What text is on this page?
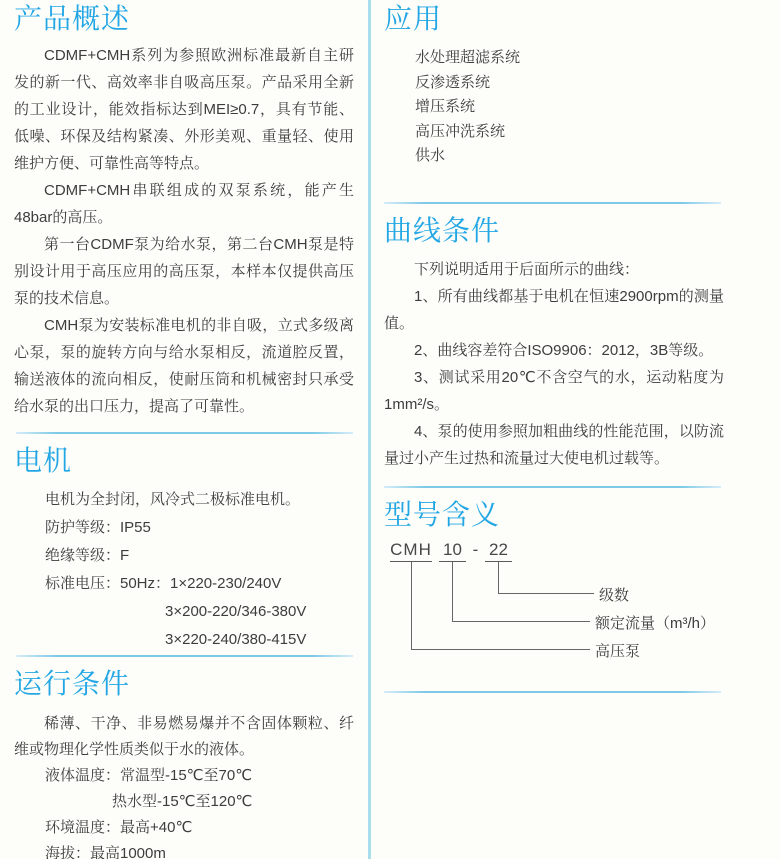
产品概述

CDMF+CMH系列为参照欧洲标准最新自主研发的新一代、高效率非自吸高压泵。产品采用全新的工业设计，能效指标达到MEI≥0.7，具有节能、低噪、环保及结构紧凑、外形美观、重量轻、使用维护方便、可靠性高等特点。

CDMF+CMH串联组成的双泵系统，能产生48bar的高压。

第一台CDMF泵为给水泵，第二台CMH泵是特别设计用于高压应用的高压泵，本样本仅提供高压泵的技术信息。

CMH泵为安装标准电机的非自吸，立式多级离心泵，泵的旋转方向与给水泵相反，流道腔反置，输送液体的流向相反，使耐压筒和机械密封只承受给水泵的出口压力，提高了可靠性。

电机
电机为全封闭，风冷式二极标准电机。
防护等级：IP55
绝缘等级：F
标准电压：50Hz：1×220-230/240V
3×200-220/346-380V
3×220-240/380-415V
运行条件

稀薄、干净、非易燃易爆并不含固体颗粒、纤维或物理化学性质类似于水的液体。

液体温度：常温型-15℃至70℃
热水型-15℃至120℃
环境温度：最高+40℃
海拔：最高1000m
应用
水处理超滤系统
反渗透系统
增压系统
高压冲洗系统
供水
曲线条件

下列说明适用于后面所示的曲线：

1、所有曲线都基于电机在恒速2900rpm的测量值。

2、曲线容差符合ISO9906：2012，3B等级。

3、测试采用20℃不含空气的水，运动粘度为1mm²/s。

4、泵的使用参照加粗曲线的性能范围，以防流量过小产生过热和流量过大使电机过载等。

型号含义
CMH 10 - 22
级数
额定流量（m³/h）
高压泵
